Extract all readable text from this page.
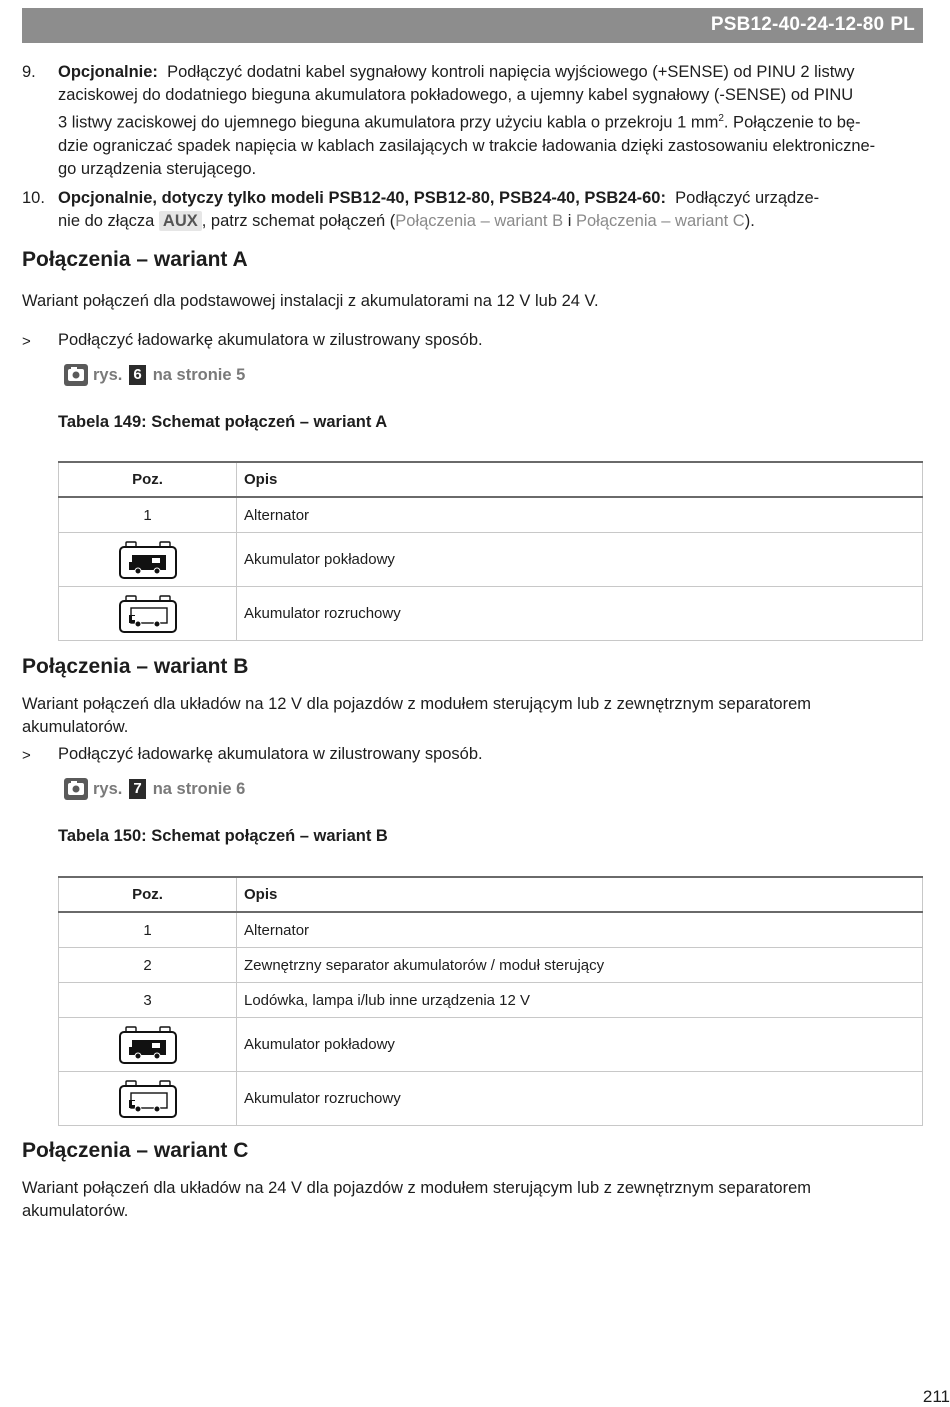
PSB12-40-24-12-80 PL
9. Opcjonalnie: Podłączyć dodatni kabel sygnałowy kontroli napięcia wyjściowego (+SENSE) od PINU 2 listwy
zaciskowej do dodatniego bieguna akumulatora pokładowego, a ujemny kabel sygnałowy (-SENSE) od PINU
3 listwy zaciskowej do ujemnego bieguna akumulatora przy użyciu kabla o przekroju 1 $mm^2$. Połączenie to bę-
dzie ograniczać spadek napięcia w kablach zasilających w trakcie ładowania dzięki zastosowaniu elektroniczne-
go urządzenia sterującego.
10. Opcjonalnie, dotyczy tylko modeli PSB12-40, PSB12-80, PSB24-40, PSB24-60: Podłączyć urządze-
nie do złącza AUX , patrz schemat połączeń (Połączenia – wariant B i Połączenia – wariant C).
Połączenia – wariant A
Wariant połączeń dla podstawowej instalacji z akumulatorami na 12 V lub 24 V.
> Podłączyć ładowarkę akumulatora w zilustrowany sposób.
rys. 6 na stronie 5
Tabela 149: Schemat połączeń – wariant A
Poz.	Opis
1	Alternator

	Akumulator pokładowy

	Akumulator rozruchowy
Połączenia – wariant B
Wariant połączeń dla układów na 12 V dla pojazdów z modułem sterującym lub z zewnętrznym separatorem
akumulatorów.
> Podłączyć ładowarkę akumulatora w zilustrowany sposób.
rys. 7 na stronie 6
Tabela 150: Schemat połączeń – wariant B
Poz.	Opis
1	Alternator
2	Zewnętrzny separator akumulatorów / moduł sterujący
3	Lodówka, lampa i/lub inne urządzenia 12 V

	Akumulator pokładowy

	Akumulator rozruchowy
Połączenia – wariant C
Wariant połączeń dla układów na 24 V dla pojazdów z modułem sterującym lub z zewnętrznym separatorem
akumulatorów.
211
